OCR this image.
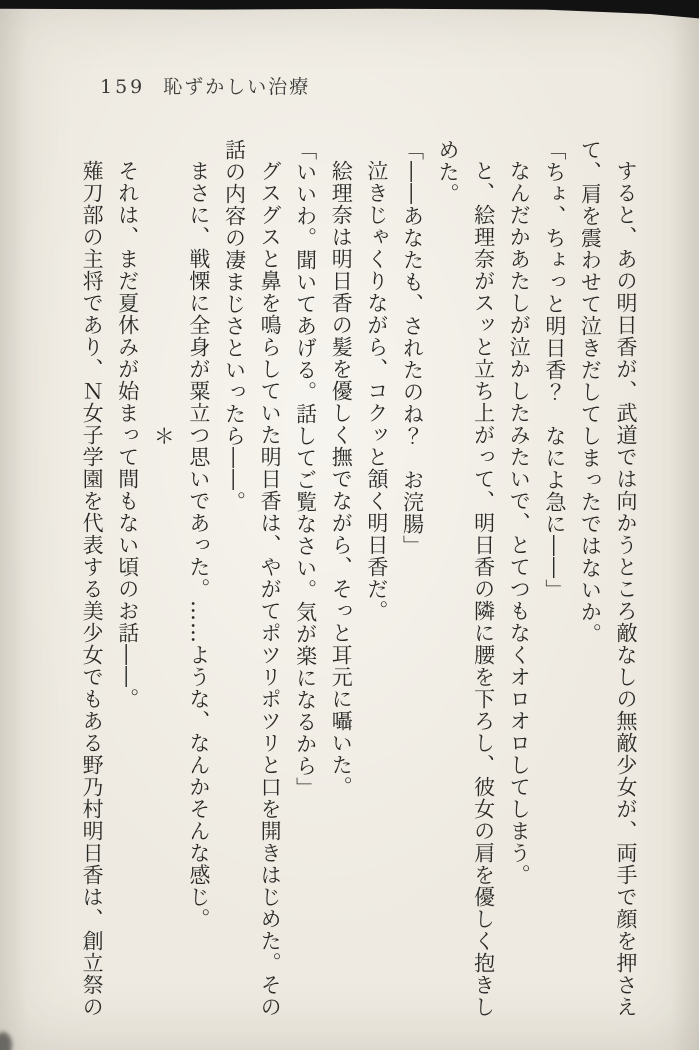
159 恥ずかしい治療

すると、あの明日香が、武道では向かうところ敵なしの無敵少女が、両手で顔を押さえて、肩を震わせて泣きだしてしまったではないか。

「ちょ、ちょっと明日香？　なによ急に――」

なんだかあたしが泣かしたみたいで、とてつもなくオロオロしてしまう。

と、絵理奈がスッと立ち上がって、明日香の隣に腰を下ろし、彼女の肩を優しく抱きしめた。

「――あなたも、されたのね？　お浣腸」

泣きじゃくりながら、コクッと頷く明日香だ。

絵理奈は明日香の髪を優しく撫でながら、そっと耳元に囁いた。

「いいわ。聞いてあげる。話してご覧なさい。気が楽になるから」

グスグスと鼻を鳴らしていた明日香は、やがてポツリポツリと口を開きはじめた。その話の内容の凄まじさといったら――。

まさに、戦慄に全身が粟立つ思いであった。……ような、なんかそんな感じ。

＊

それは、まだ夏休みが始まって間もない頃のお話――。

薙刀部の主将であり、Ｎ女子学園を代表する美少女でもある野乃村明日香は、創立祭の
